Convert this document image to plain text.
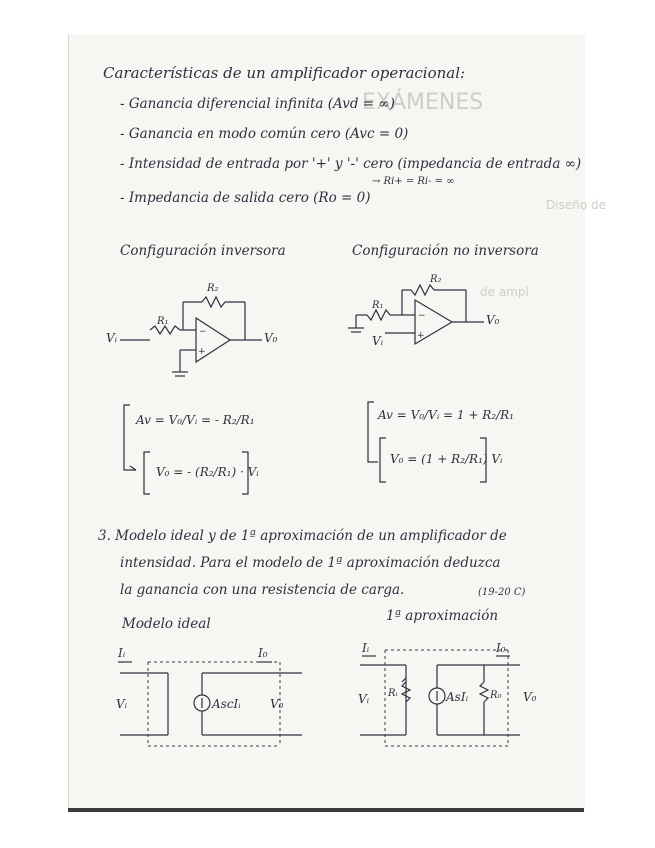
EXÁMENES
Diseño de
de ampl
Características de un amplificador operacional:
- Ganancia diferencial infinita (Avd = ∞)
- Ganancia en modo común cero (Avc = 0)
- Intensidad de entrada por '+' y '-' cero (impedancia de entrada ∞)
→ Ri+ = Ri- = ∞
- Impedancia de salida cero (Ro = 0)
Configuración inversora	Configuración no inversora
−
+
−
+
R₂
R₁
Vᵢ	V₀
R₂
R₁
Vᵢ
V₀
Av = V₀/Vᵢ = - R₂/R₁
V₀ = - (R₂/R₁) · Vᵢ
Av = V₀/Vᵢ = 1 + R₂/R₁
V₀ = (1 + R₂/R₁) Vᵢ
3. Modelo ideal y de 1ª aproximación de un amplificador de
intensidad. Para el modelo de 1ª aproximación deduzca
la ganancia con una resistencia de carga.	(19-20 C)
Modelo ideal	1ª aproximación
Iᵢ	I₀
Vᵢ	V₀
AscIᵢ
Iᵢ	I₀
Vᵢ	V₀
Rᵢ	AsIᵢ R₀
